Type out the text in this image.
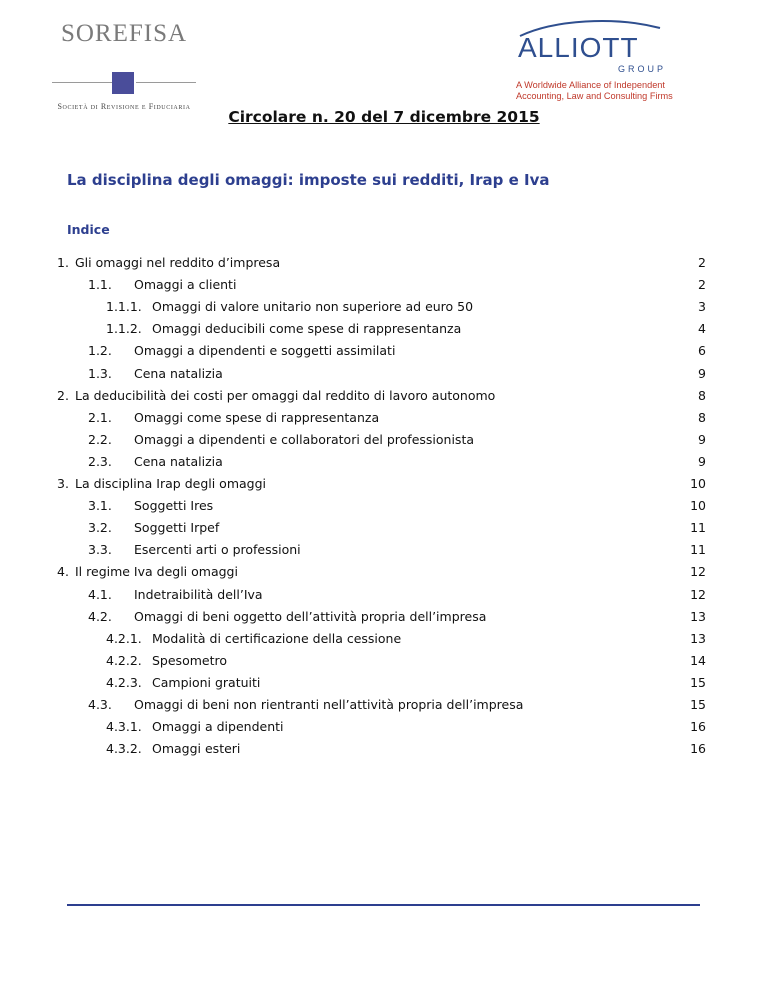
SOREFISA
Società di Revisione e Fiduciaria
ALLIOTT
GROUP
A Worldwide Alliance of Independent
Accounting, Law and Consulting Firms
Circolare n. 20 del 7 dicembre 2015
La disciplina degli omaggi: imposte sui redditi, Irap e Iva
Indice
1. Gli omaggi nel reddito d’impresa	2
1.1. Omaggi a clienti	2
1.1.1. Omaggi di valore unitario non superiore ad euro 50	3
1.1.2. Omaggi deducibili come spese di rappresentanza	4
1.2. Omaggi a dipendenti e soggetti assimilati	6
1.3. Cena natalizia	9
2. La deducibilità dei costi per omaggi dal reddito di lavoro autonomo	8
2.1. Omaggi come spese di rappresentanza	8
2.2. Omaggi a dipendenti e collaboratori del professionista	9
2.3. Cena natalizia	9
3. La disciplina Irap degli omaggi	10
3.1. Soggetti Ires	10
3.2. Soggetti Irpef	11
3.3. Esercenti arti o professioni	11
4. Il regime Iva degli omaggi	12
4.1. Indetraibilità dell’Iva	12
4.2. Omaggi di beni oggetto dell’attività propria dell’impresa	13
4.2.1. Modalità di certificazione della cessione	13
4.2.2. Spesometro	14
4.2.3. Campioni gratuiti	15
4.3. Omaggi di beni non rientranti nell’attività propria dell’impresa	15
4.3.1. Omaggi a dipendenti	16
4.3.2. Omaggi esteri	16
